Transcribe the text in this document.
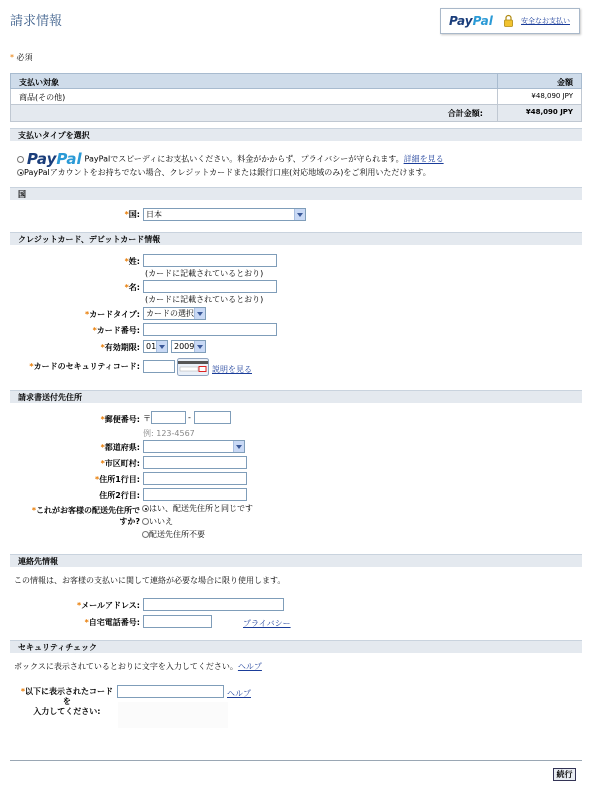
請求情報	PayPal	安全なお支払い
* 必須
支払い対象	金額
商品(その他)	¥48,090 JPY
合計金額:	¥48,090 JPY
支払いタイプを選択
PayPal PayPalでスピーディにお支払いください。料金がかからず、プライバシーが守られます。詳細を見る
PayPalアカウントをお持ちでない場合、クレジットカードまたは銀行口座(対応地域のみ)をご利用いただけます。
国
*国: 日本
クレジットカード、デビットカード情報
*姓:
(カードに記載されているとおり)
*名:
(カードに記載されているとおり)
*カードタイプ: カードの選択
*カード番号:
*有効期限: 01	2009
*カードのセキュリティコード:	説明を見る
請求書送付先住所
*郵便番号: 〒	-
例: 123-4567
*都道府県:
*市区町村:
*住所1行目:
住所2行目:
*これがお客様の配送先住所で
すか?
はい、配送先住所と同じです
いいえ
配送先住所不要
連絡先情報
この情報は、お客様の支払いに関して連絡が必要な場合に限り使用します。
*メールアドレス:
*自宅電話番号:	プライバシー
セキュリティチェック
ボックスに表示されているとおりに文字を入力してください。ヘルプ
*以下に表示されたコード
を
入力してください:
ヘルプ
続行
